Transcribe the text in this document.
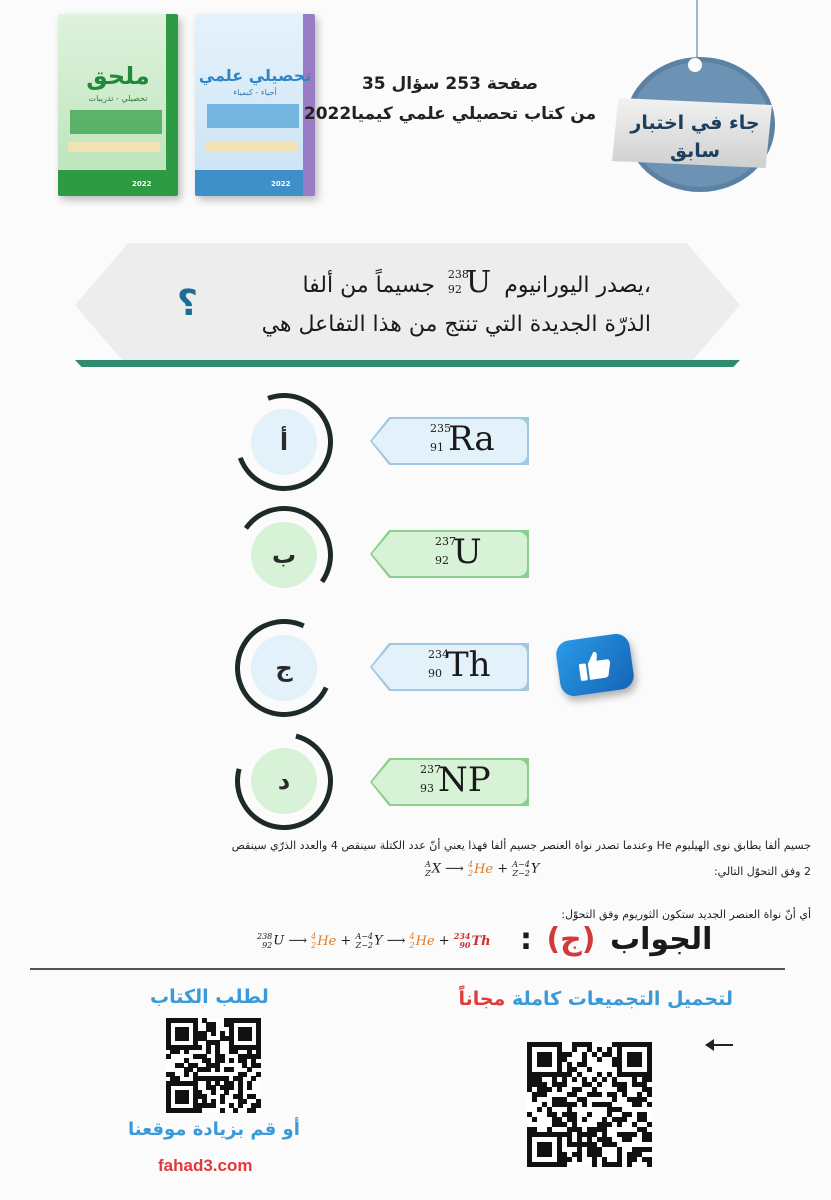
ملحق
تحصيلي - تدريبات
2022
تحصيلي علمي
أحياء - كيمياء
2022
صفحة 253 سؤال 35
من كتاب تحصيلي علمي كيميا2022	جاء في اختبار
سابق
،يصدر اليورانيوم
238
92 U جسيماً من ألفا
الذرّة الجديدة التي تنتج من هذا التفاعل هي
؟
أ	235
91 Ra
ب	237
92 U
ج	234
90 Th
د	237
93 NP
جسيم ألفا يطابق نوى الهيليوم He وعندما تصدر نواة العنصر جسيم ألفا فهذا يعني أنّ عدد الكتلة سينقص 4 والعدد الذرّي سينقص
2 وفق التحوّل التالي:
A
ZX ⟶ 4
2He + A−4
Z−2Y
أي أنّ نواة العنصر الجديد ستكون الثوريوم وفق التحوّل:
238
92U ⟶ 4
2He + A−4
Z−2Y ⟶ 4
2He + 234
90Th	الجواب (ج) :
لتحميل التجميعات كاملة مجاناً
لطلب الكتاب
أو قم بزيادة موقعنا
fahad3.com
